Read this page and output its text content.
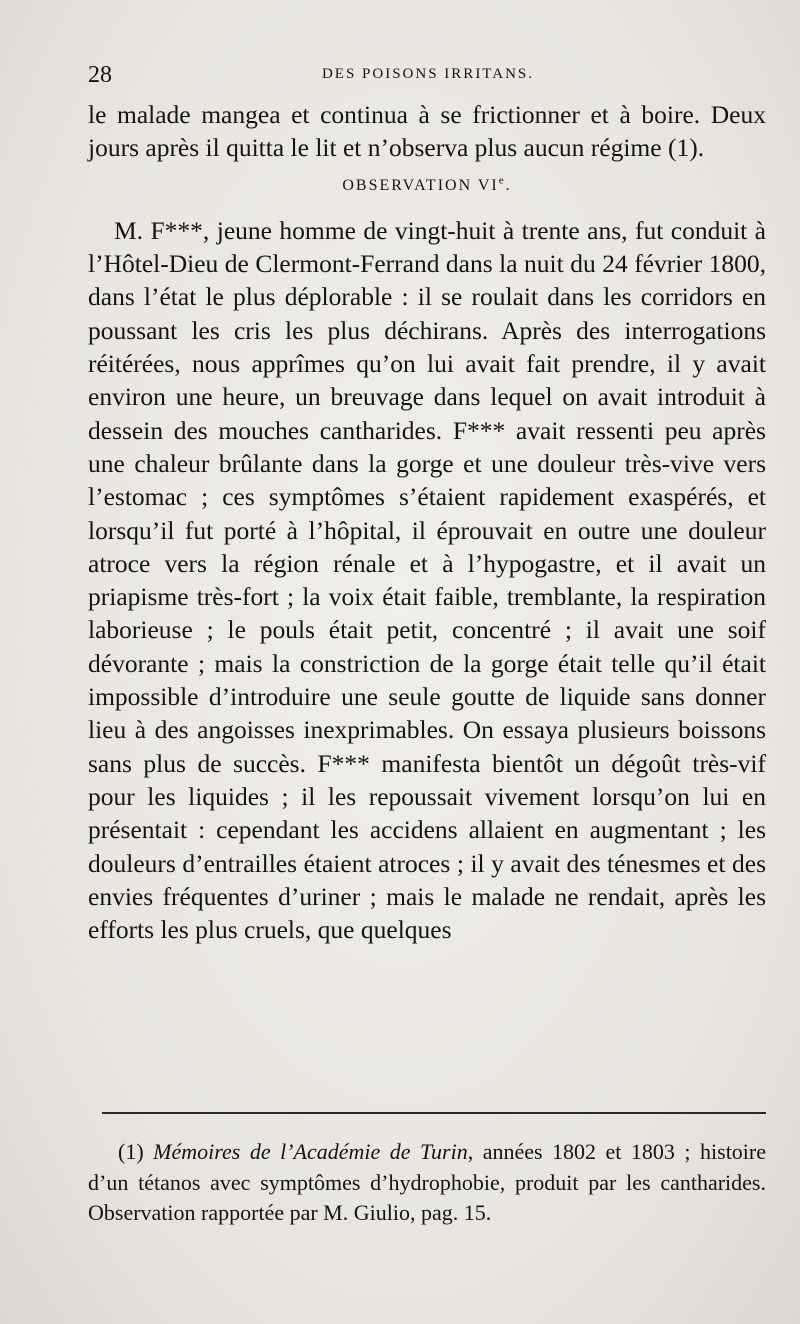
28	DES POISONS IRRITANS.

le malade mangea et continua à se frictionner et à boire. Deux jours après il quitta le lit et n’observa plus aucun régime (1).

OBSERVATION VIe.

M. F***, jeune homme de vingt-huit à trente ans, fut conduit à l’Hôtel-Dieu de Clermont-Ferrand dans la nuit du 24 février 1800, dans l’état le plus déplorable : il se roulait dans les corridors en poussant les cris les plus déchirans. Après des interrogations réitérées, nous apprîmes qu’on lui avait fait prendre, il y avait environ une heure, un breuvage dans lequel on avait introduit à dessein des mouches cantharides. F*** avait ressenti peu après une chaleur brûlante dans la gorge et une douleur très-vive vers l’estomac ; ces symptômes s’étaient rapidement exaspérés, et lorsqu’il fut porté à l’hôpital, il éprouvait en outre une douleur atroce vers la région rénale et à l’hypogastre, et il avait un priapisme très-fort ; la voix était faible, tremblante, la respiration laborieuse ; le pouls était petit, concentré ; il avait une soif dévorante ; mais la constriction de la gorge était telle qu’il était impossible d’introduire une seule goutte de liquide sans donner lieu à des angoisses inexprimables. On essaya plusieurs boissons sans plus de succès. F*** manifesta bientôt un dégoût très-vif pour les liquides ; il les repoussait vivement lorsqu’on lui en présentait : cependant les accidens allaient en augmentant ; les douleurs d’entrailles étaient atroces ; il y avait des ténesmes et des envies fréquentes d’uriner ; mais le malade ne rendait, après les efforts les plus cruels, que quelques

(1) Mémoires de l’Académie de Turin, années 1802 et 1803 ; histoire d’un tétanos avec symptômes d’hydrophobie, produit par les cantharides. Observation rapportée par M. Giulio, pag. 15.
